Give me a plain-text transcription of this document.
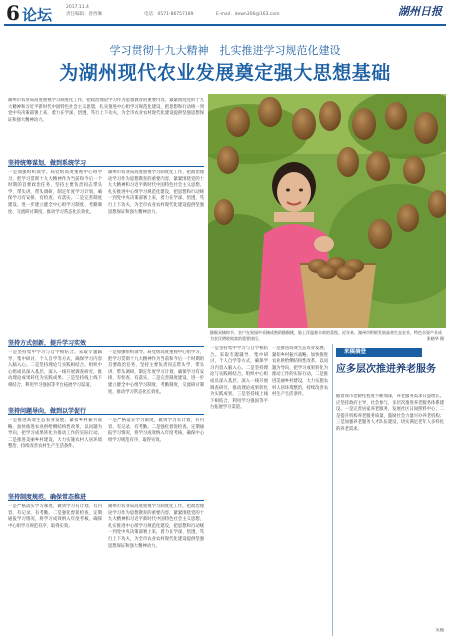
6 论坛	2017.11.4
责任编辑：曾西琳	电话：0571-86757189	E-mail：dewn306@163.com	湖州日报
学习贯彻十九大精神　扎实推进学习规范化建设
为湖州现代农业发展奠定强大思想基础
湖州市农业局高度重视学习制度化工作，把政治理论学习作为思想教育的重要内容，紧紧围绕党的十九大精神和习近平新时代中国特色社会主义思想，扎实推进中心组学习规范化建设，把思想和行动统一到党中央决策部署上来，着力在学深、悟透、笃行上下功夫，为全市农业农村现代化建设提供坚强思想保证和强大精神动力。
坚持统筹谋划，做到系统学习
一是加强组织领导。局党组高度重视中心组学习，把学习贯彻十九大精神作为当前和今后一个时期的首要政治任务，坚持主要负责同志带头学、带头讲、带头调研，制定年度学习计划，确保学习有安排、有检查、有落实。二是完善制度建设。进一步建立健全中心组学习制度、考勤制度、交流研讨制度，推动学习常态化长效化。
湖州市农业局高度重视学习制度化工作，把政治理论学习作为思想教育的重要内容，紧紧围绕党的十九大精神和习近平新时代中国特色社会主义思想，扎实推进中心组学习规范化建设，把思想和行动统一到党中央决策部署上来，着力在学深、悟透、笃行上下功夫，为全市农业农村现代化建设提供坚强思想保证和强大精神动力。
猕猴采摘时节，农户在果园中采摘成熟的猕猴桃，脸上洋溢着丰收的喜悦。近年来，湖州市积极发展高效生态农业，特色水果产业成为农民增收致富的重要途径。	张晓华 摄
一是坚持集中学习与自学相结合。采取专题辅导、集中研讨、个人自学等方式，确保学习内容入脑入心。二是坚持理论与实践相结合。组织中心组成员深入基层、深入一线开展调查研究，推动理论成果转化为实践成果。三是坚持线上线下相结合，利用学习强国等平台拓展学习渠道。
一是推进高效生态农业发展。紧扣乡村振兴战略，加快推进农业供给侧结构性改革，以问题为导向，把学习成果转化为推动工作的实际行动。二是推进美丽乡村建设，大力实施农村人居环境整治，持续改善农村生产生活条件。
坚持方式创新，提升学习实效
一是坚持集中学习与自学相结合。采取专题辅导、集中研讨、个人自学等方式，确保学习内容入脑入心。二是坚持理论与实践相结合。组织中心组成员深入基层、深入一线开展调查研究，推动理论成果转化为实践成果。三是坚持线上线下相结合，利用学习强国等平台拓展学习渠道。
一是加强组织领导。局党组高度重视中心组学习，把学习贯彻十九大精神作为当前和今后一个时期的首要政治任务，坚持主要负责同志带头学、带头讲、带头调研，制定年度学习计划，确保学习有安排、有检查、有落实。二是完善制度建设。进一步建立健全中心组学习制度、考勤制度、交流研讨制度，推动学习常态化长效化。
坚持问题导向，做到以学促行
一是推进高效生态农业发展。紧扣乡村振兴战略，加快推进农业供给侧结构性改革，以问题为导向，把学习成果转化为推动工作的实际行动。二是推进美丽乡村建设，大力实施农村人居环境整治，持续改善农村生产生活条件。
一是严格落实学习制度，做到学习有计划、有内容、有记录、有考勤。二是强化督促检查，定期通报学习情况，将学习成效纳入年度考核，确保中心组学习规范有序、取得实效。
坚持制度规范，确保常态推进
一是严格落实学习制度，做到学习有计划、有内容、有记录、有考勤。二是强化督促检查，定期通报学习情况，将学习成效纳入年度考核，确保中心组学习规范有序、取得实效。
湖州市农业局高度重视学习制度化工作，把政治理论学习作为思想教育的重要内容，紧紧围绕党的十九大精神和习近平新时代中国特色社会主义思想，扎实推进中心组学习规范化建设，把思想和行动统一到党中央决策部署上来，着力在学深、悟透、笃行上下功夫，为全市农业农村现代化建设提供坚强思想保证和强大精神动力。
来稿摘登
应多层次推进养老服务
随着我市老龄化程度不断加深，养老服务需求日益增长。应坚持政府主导、社会参与，多层次推进养老服务体系建设。一是完善居家养老服务，发展社区日间照料中心；二是提升机构养老服务质量，鼓励社会力量兴办养老机构；三是加强养老服务人才队伍建设，切实满足老年人多样化的养老需求。
吴越
